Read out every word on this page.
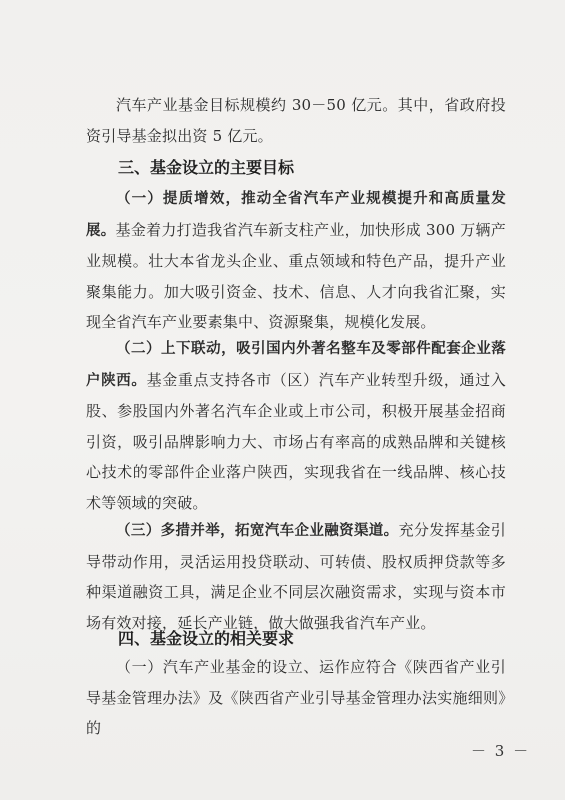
汽车产业基金目标规模约 30－50 亿元。其中，省政府投资引导基金拟出资 5 亿元。

三、基金设立的主要目标

（一）提质增效，推动全省汽车产业规模提升和高质量发展。基金着力打造我省汽车新支柱产业，加快形成 300 万辆产业规模。壮大本省龙头企业、重点领域和特色产品，提升产业聚集能力。加大吸引资金、技术、信息、人才向我省汇聚，实现全省汽车产业要素集中、资源聚集，规模化发展。

（二）上下联动，吸引国内外著名整车及零部件配套企业落户陕西。基金重点支持各市（区）汽车产业转型升级，通过入股、参股国内外著名汽车企业或上市公司，积极开展基金招商引资，吸引品牌影响力大、市场占有率高的成熟品牌和关键核心技术的零部件企业落户陕西，实现我省在一线品牌、核心技术等领域的突破。

（三）多措并举，拓宽汽车企业融资渠道。充分发挥基金引导带动作用，灵活运用投贷联动、可转债、股权质押贷款等多种渠道融资工具，满足企业不同层次融资需求，实现与资本市场有效对接，延长产业链，做大做强我省汽车产业。

四、基金设立的相关要求

（一）汽车产业基金的设立、运作应符合《陕西省产业引导基金管理办法》及《陕西省产业引导基金管理办法实施细则》的

－ 3 －
